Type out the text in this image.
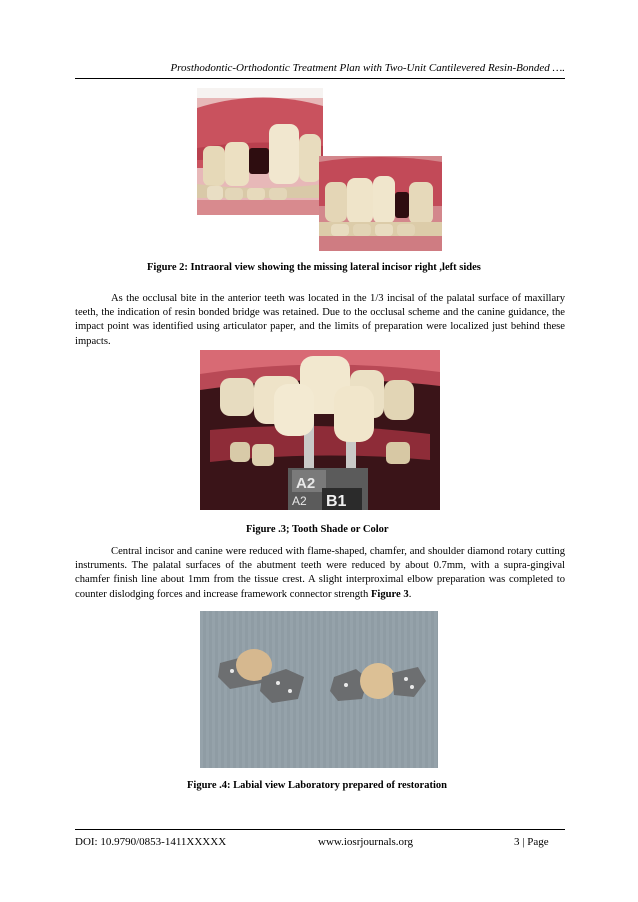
Prosthodontic-Orthodontic Treatment Plan with Two-Unit Cantilevered Resin-Bonded ….
Figure 2: Intraoral view showing the missing lateral incisor right ,left sides
As the occlusal bite in the anterior teeth was located in the 1/3 incisal of the palatal surface of maxillary teeth, the indication of resin bonded bridge was retained. Due to the occlusal scheme and the canine guidance, the impact point was identified using articulator paper, and the limits of preparation were localized just behind these impacts.
A2
A2 B1
Figure .3; Tooth Shade or Color
Central incisor and canine were reduced with flame-shaped, chamfer, and shoulder diamond rotary cutting instruments. The palatal surfaces of the abutment teeth were reduced by about 0.7mm, with a supra-gingival chamfer finish line about 1mm from the tissue crest. A slight interproximal elbow preparation was completed to counter dislodging forces and increase framework connector strength Figure 3.
Figure .4: Labial view Laboratory prepared of restoration
DOI: 10.9790/0853-1411XXXXX	www.iosrjournals.org	3 | Page
